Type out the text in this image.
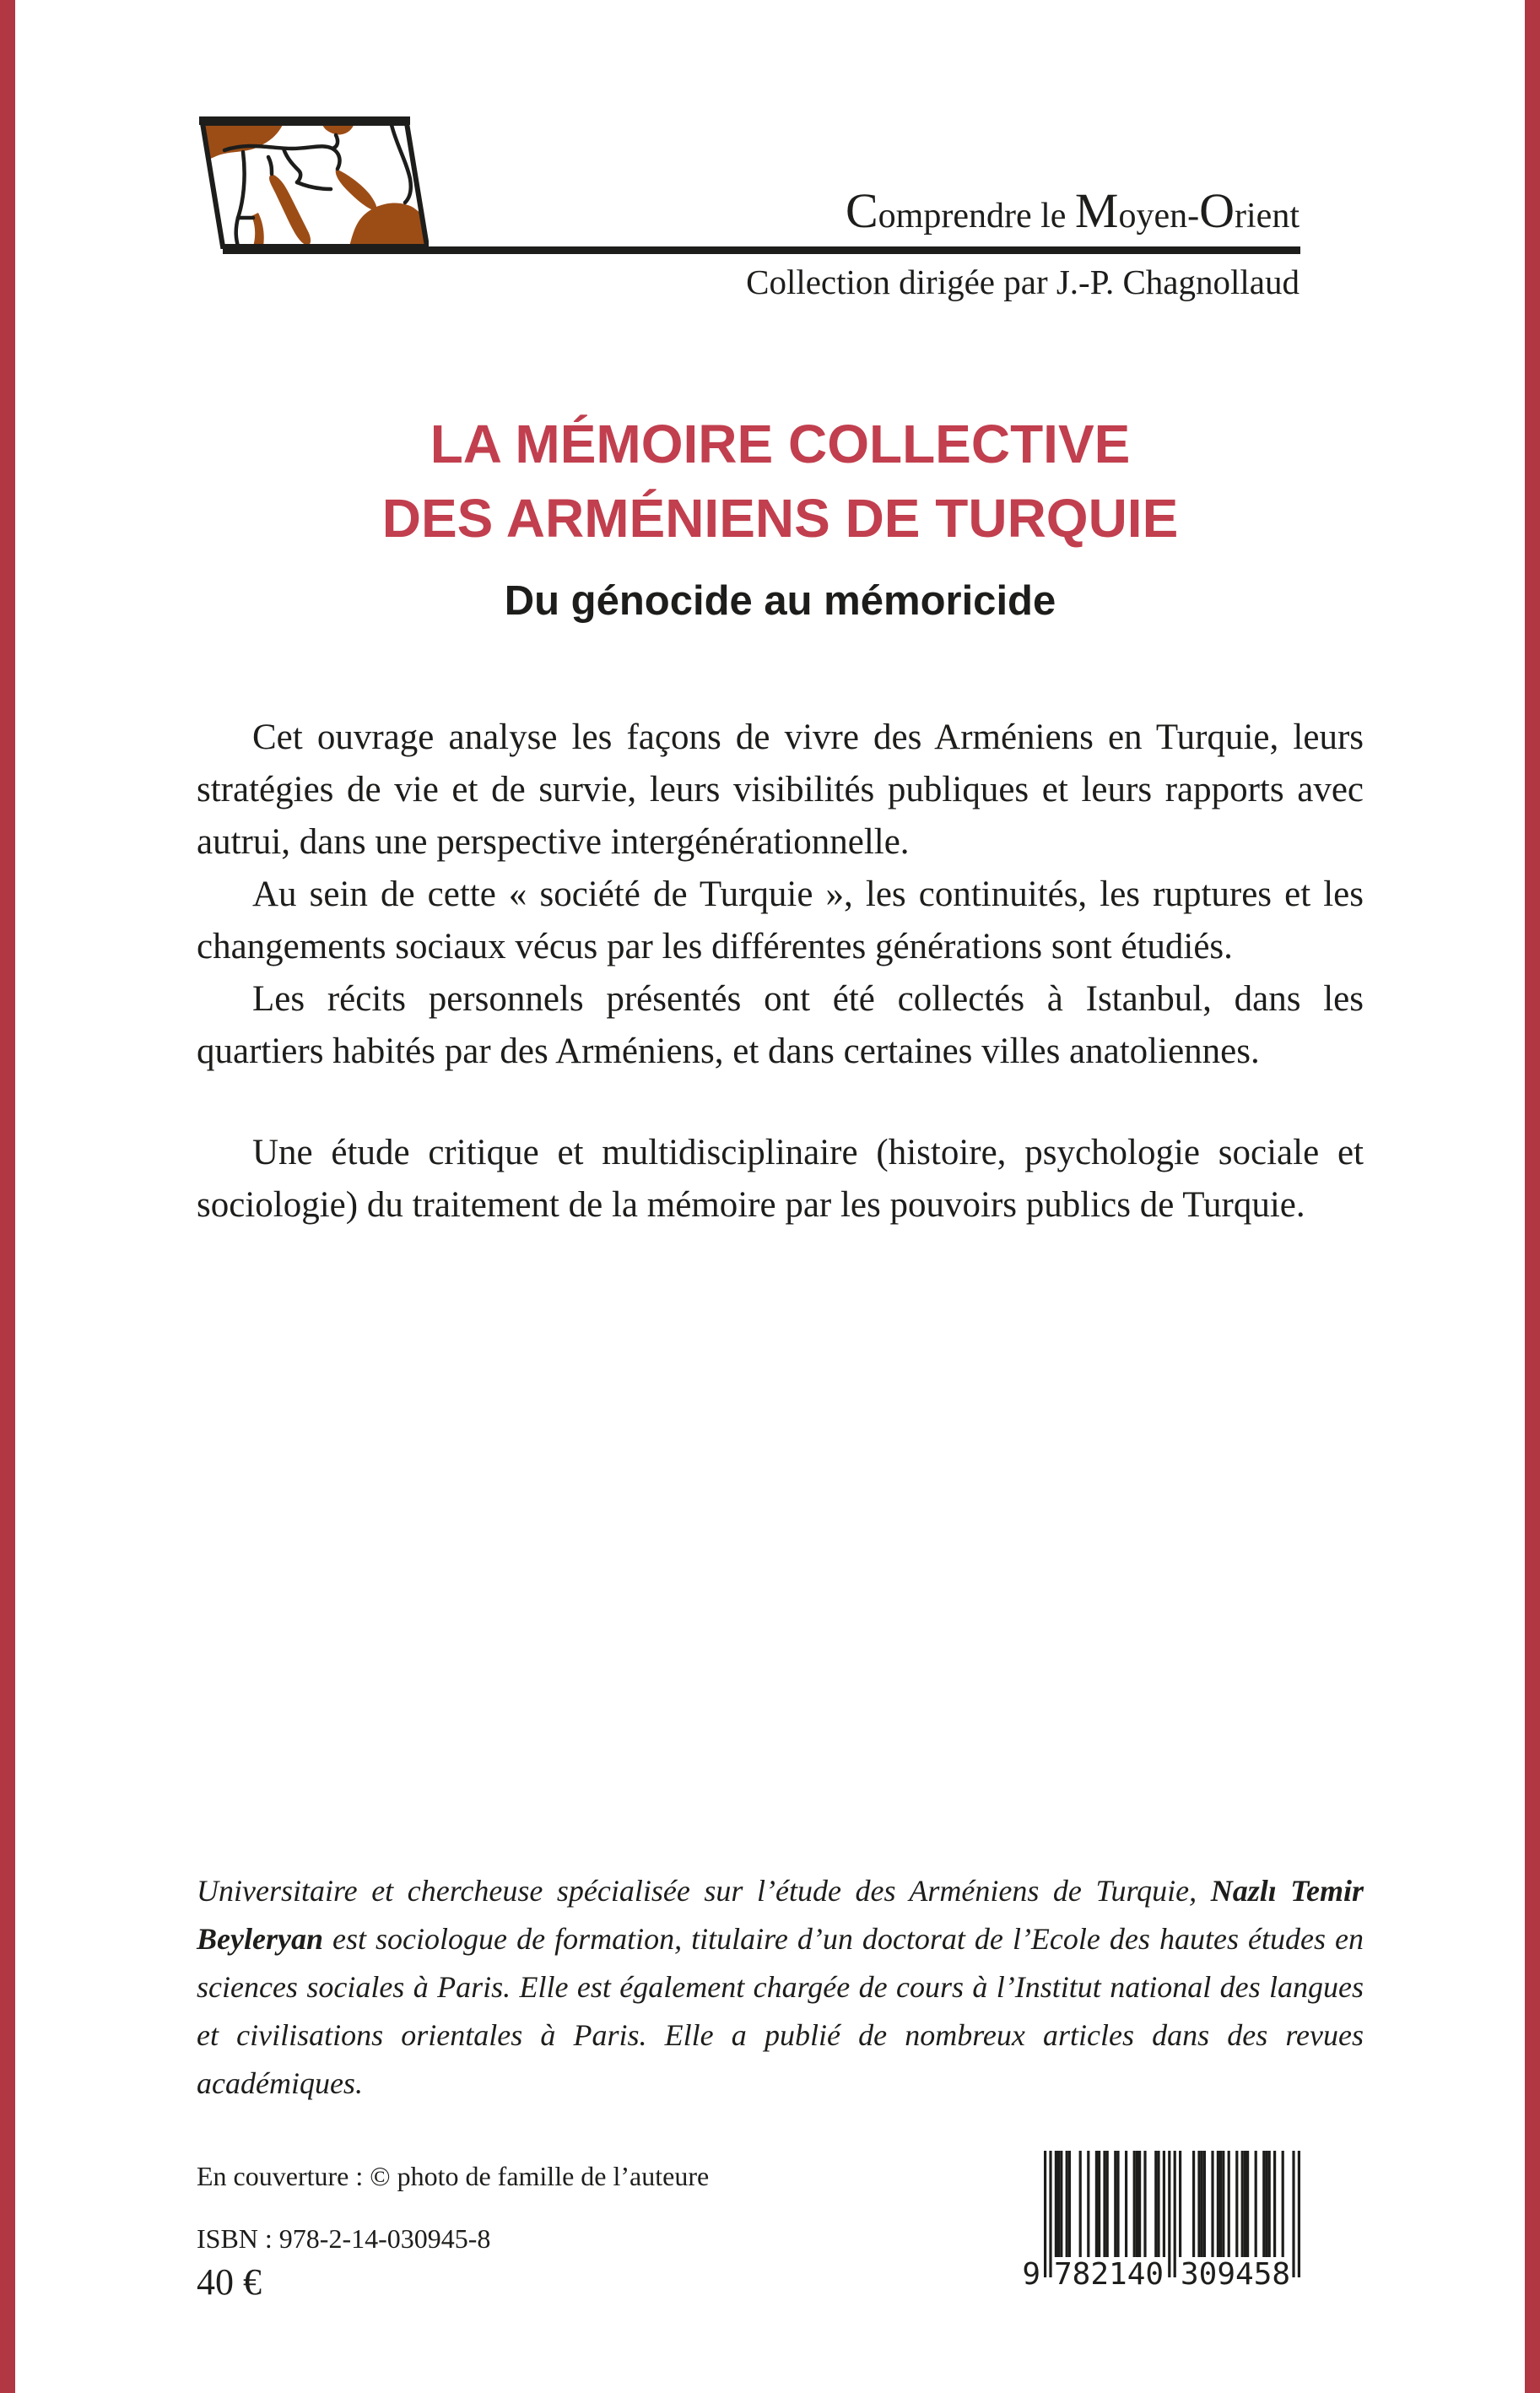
Comprendre le Moyen-Orient
Collection dirigée par J.-P. Chagnollaud
LA MÉMOIRE COLLECTIVE
DES ARMÉNIENS DE TURQUIE
Du génocide au mémoricide

Cet ouvrage analyse les façons de vivre des Arméniens en Turquie, leurs stratégies de vie et de survie, leurs visibilités publiques et leurs rapports avec autrui, dans une perspective intergénérationnelle.

Au sein de cette « société de Turquie », les continuités, les ruptures et les changements sociaux vécus par les différentes générations sont étudiés.

Les récits personnels présentés ont été collectés à Istanbul, dans les quartiers habités par des Arméniens, et dans certaines villes anatoliennes.

Une étude critique et multidisciplinaire (histoire, psychologie sociale et sociologie) du traitement de la mémoire par les pouvoirs publics de Turquie.

Universitaire et chercheuse spécialisée sur l’étude des Arméniens de Turquie, Nazlı Temir Beyleryan est sociologue de formation, titulaire d’un doctorat de l’Ecole des hautes études en sciences sociales à Paris. Elle est également chargée de cours à l’Institut national des langues et civilisations orientales à Paris. Elle a publié de nombreux articles dans des revues académiques.
En couverture : © photo de famille de l’auteure
ISBN : 978-2-14-030945-8
40 €	9 782140 309458
